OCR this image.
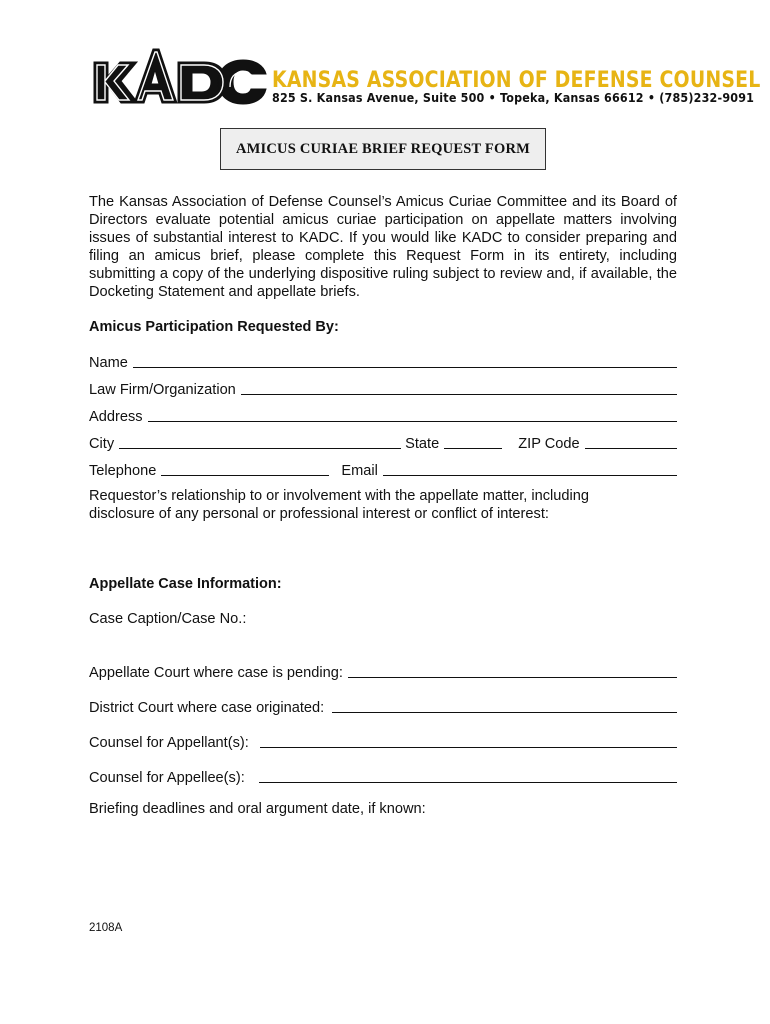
KANSAS ASSOCIATION OF DEFENSE COUNSEL
825 S. Kansas Avenue, Suite 500 • Topeka, Kansas 66612 • (785)232-9091
AMICUS CURIAE BRIEF REQUEST FORM
The Kansas Association of Defense Counsel’s Amicus Curiae Committee and its Board of Directors evaluate potential amicus curiae participation on appellate matters involving issues of substantial interest to KADC. If you would like KADC to consider preparing and filing an amicus brief, please complete this Request Form in its entirety, including submitting a copy of the underlying dispositive ruling subject to review and, if available, the Docketing Statement and appellate briefs.
Amicus Participation Requested By:
Name
Law Firm/Organization
Address
City	State	ZIP Code
Telephone	Email
Requestor’s relationship to or involvement with the appellate matter, including disclosure of any personal or professional interest or conflict of interest:
Appellate Case Information:
Case Caption/Case No.:
Appellate Court where case is pending:
District Court where case originated:
Counsel for Appellant(s):
Counsel for Appellee(s):
Briefing deadlines and oral argument date, if known:
2108A
